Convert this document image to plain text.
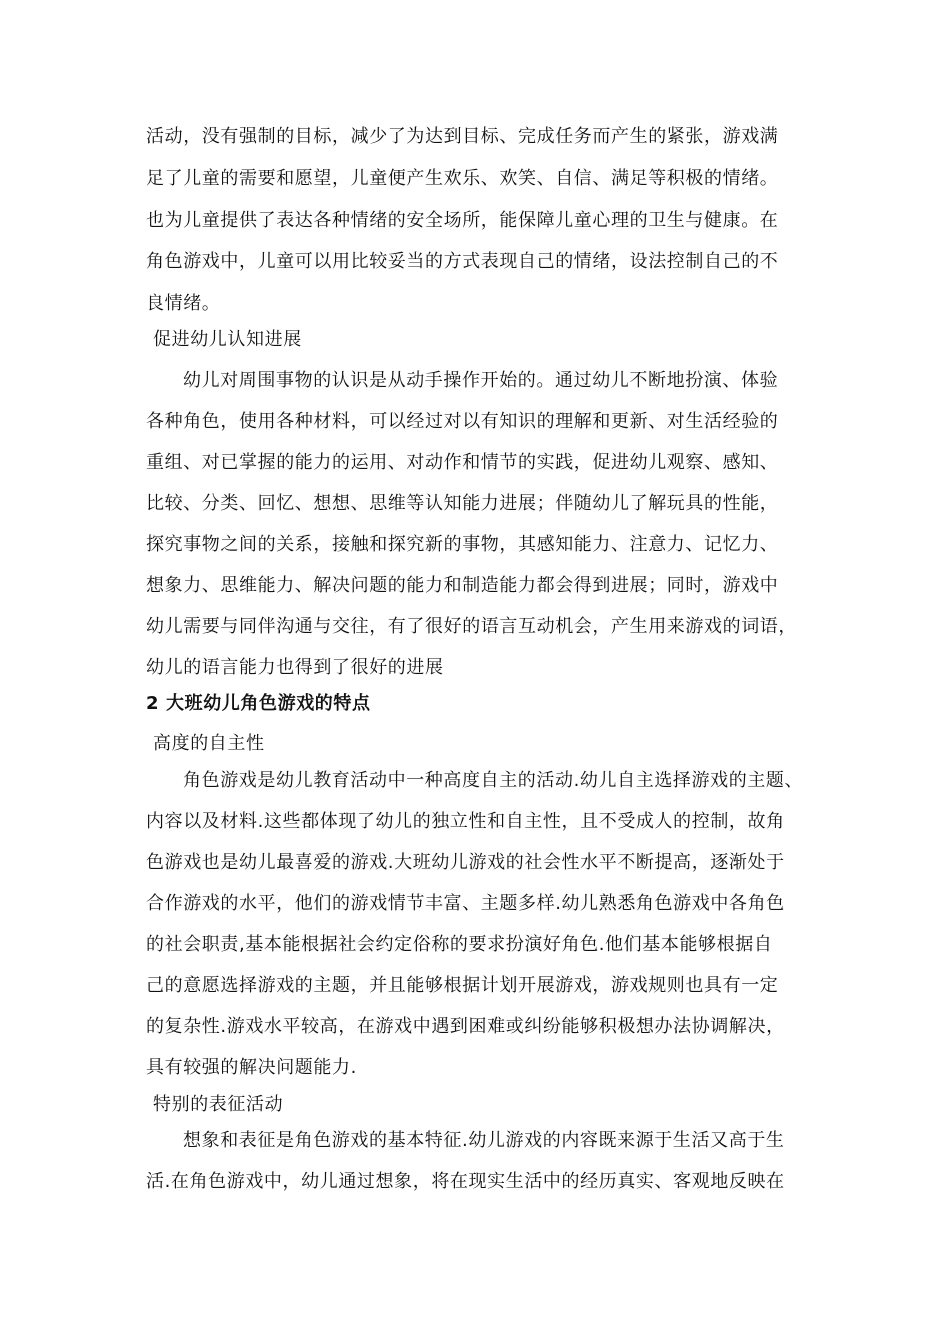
活动，没有强制的目标，减少了为达到目标、完成任务而产生的紧张，游戏满
足了儿童的需要和愿望，儿童便产生欢乐、欢笑、自信、满足等积极的情绪。
也为儿童提供了表达各种情绪的安全场所，能保障儿童心理的卫生与健康。在
角色游戏中，儿童可以用比较妥当的方式表现自己的情绪，设法控制自己的不
良情绪。
促进幼儿认知进展
幼儿对周围事物的认识是从动手操作开始的。通过幼儿不断地扮演、体验
各种角色，使用各种材料，可以经过对以有知识的理解和更新、对生活经验的
重组、对已掌握的能力的运用、对动作和情节的实践，促进幼儿观察、感知、
比较、分类、回忆、想想、思维等认知能力进展；伴随幼儿了解玩具的性能，
探究事物之间的关系，接触和探究新的事物，其感知能力、注意力、记忆力、
想象力、思维能力、解决问题的能力和制造能力都会得到进展；同时，游戏中
幼儿需要与同伴沟通与交往，有了很好的语言互动机会，产生用来游戏的词语，
幼儿的语言能力也得到了很好的进展
2 大班幼儿角色游戏的特点
高度的自主性
角色游戏是幼儿教育活动中一种高度自主的活动.幼儿自主选择游戏的主题、
内容以及材料.这些都体现了幼儿的独立性和自主性，且不受成人的控制，故角
色游戏也是幼儿最喜爱的游戏.大班幼儿游戏的社会性水平不断提高，逐渐处于
合作游戏的水平，他们的游戏情节丰富、主题多样.幼儿熟悉角色游戏中各角色
的社会职责,基本能根据社会约定俗称的要求扮演好角色.他们基本能够根据自
己的意愿选择游戏的主题，并且能够根据计划开展游戏，游戏规则也具有一定
的复杂性.游戏水平较高，在游戏中遇到困难或纠纷能够积极想办法协调解决，
具有较强的解决问题能力.
特别的表征活动
想象和表征是角色游戏的基本特征.幼儿游戏的内容既来源于生活又高于生
活.在角色游戏中，幼儿通过想象，将在现实生活中的经历真实、客观地反映在
